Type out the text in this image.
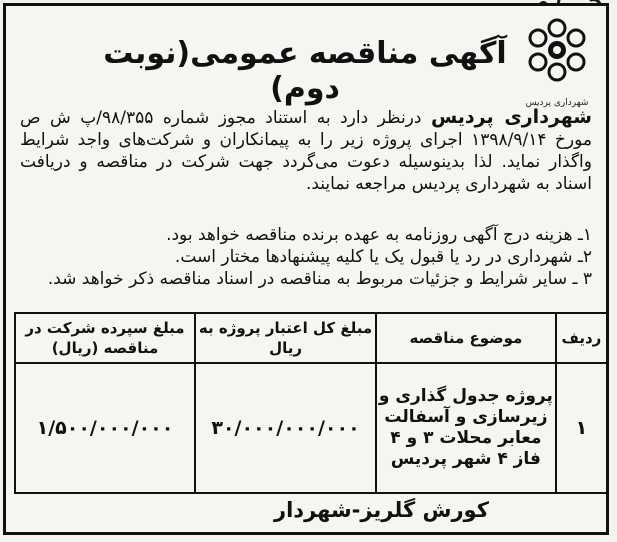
شهرداری پردیس
آگهی مناقصه عمومی(نوبت دوم)

شهرداری پردیس درنظر دارد به استناد مجوز شماره ۹۸/۳۵۵/پ ش ص مورخ ۱۳۹۸/۹/۱۴ اجرای پروژه زیر را به پیمانکاران و شرکت‌های واجد شرایط واگذار نماید. لذا بدینوسیله دعوت می‌گردد جهت شرکت در مناقصه و دریافت اسناد به شهرداری پردیس مراجعه نمایند.

۱ـ هزینه درج آگهی روزنامه به عهده برنده مناقصه خواهد بود.
۲ـ شهرداری در رد یا قبول یک یا کلیه پیشنهادها مختار است.
۳ ـ سایر شرایط و جزئیات مربوط به مناقصه در اسناد مناقصه ذکر خواهد شد.
ردیف	موضوع مناقصه	مبلغ کل اعتبار پروژه به ریال	مبلغ سپرده شرکت در مناقصه (ریال)
۱	پروژه جدول گذاری و زیرسازی و آسفالت معابر محلات ۳ و ۴ فاز ۴ شهر پردیس	۳۰/۰۰۰/۰۰۰/۰۰۰	۱/۵۰۰/۰۰۰/۰۰۰
کورش گلریز-شهردار
